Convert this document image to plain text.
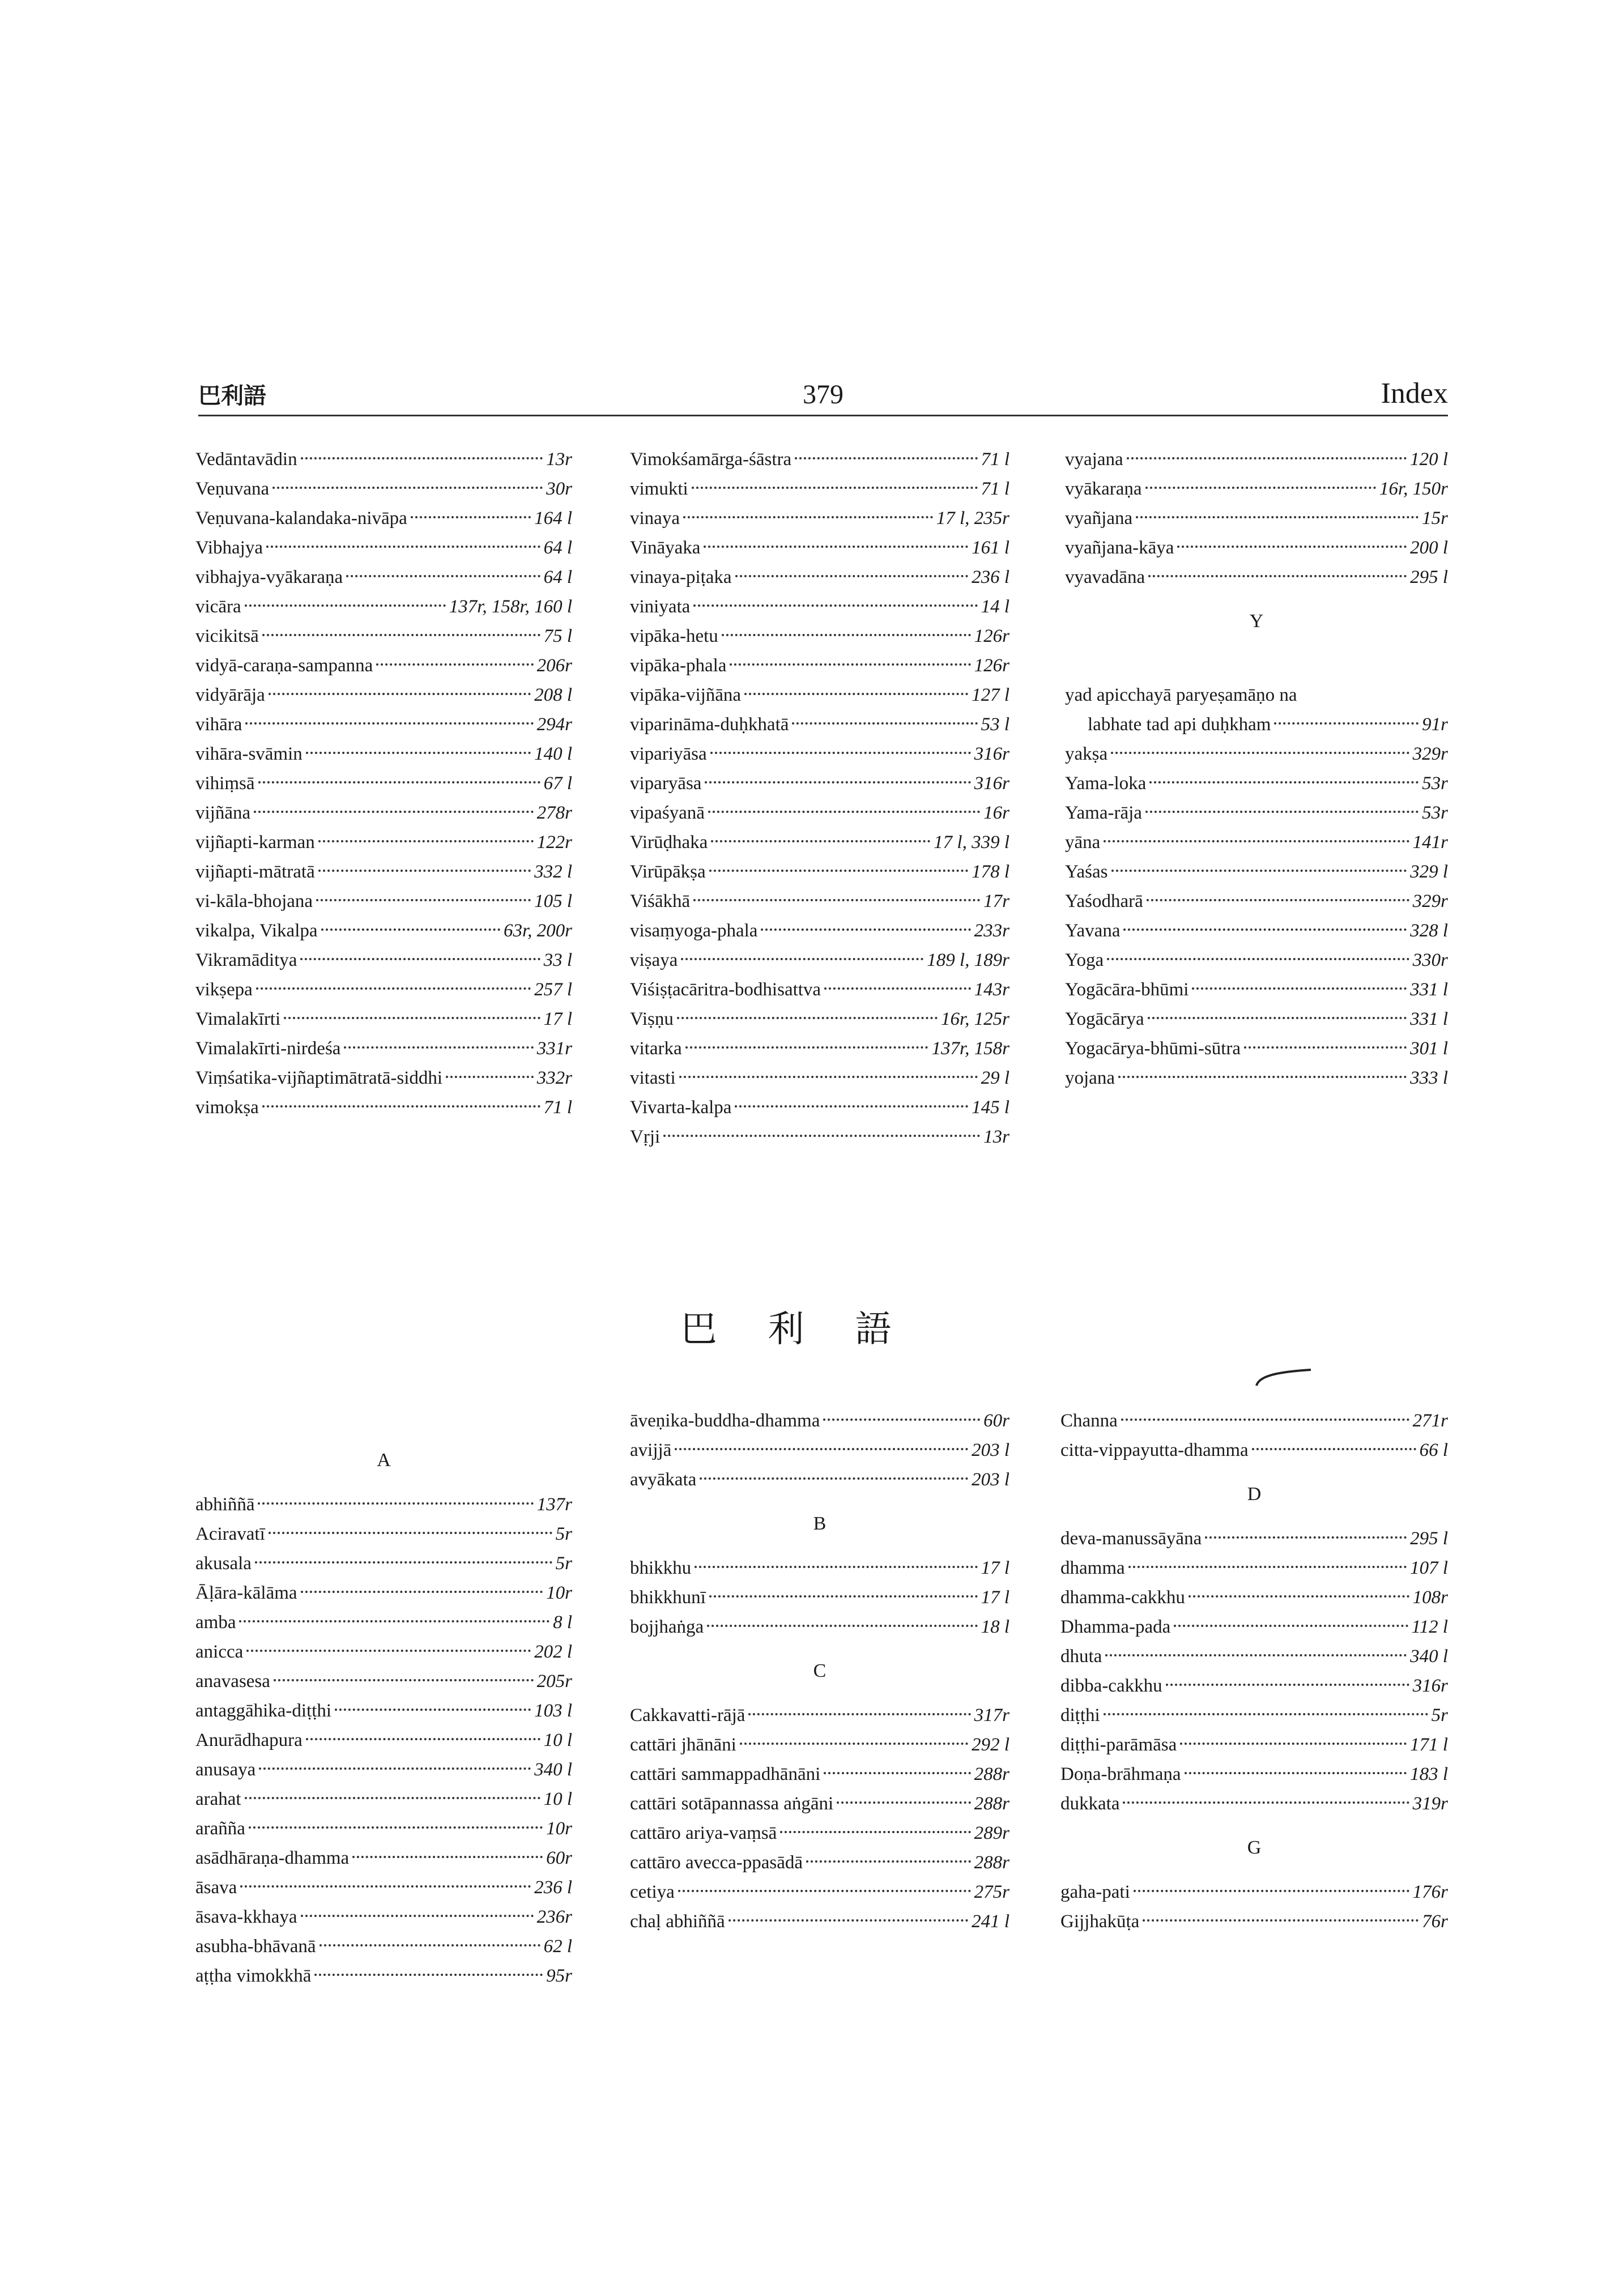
巴利語	379	Index
Vedāntavādin	13r
Veṇuvana	30r
Veṇuvana-kalandaka-nivāpa	164 l
Vibhajya	64 l
vibhajya-vyākaraṇa	64 l
vicāra	137r, 158r, 160 l
vicikitsā	75 l
vidyā-caraṇa-sampanna	206r
vidyārāja	208 l
vihāra	294r
vihāra-svāmin	140 l
vihiṃsā	67 l
vijñāna	278r
vijñapti-karman	122r
vijñapti-mātratā	332 l
vi-kāla-bhojana	105 l
vikalpa, Vikalpa	63r, 200r
Vikramāditya	33 l
vikṣepa	257 l
Vimalakīrti	17 l
Vimalakīrti-nirdeśa	331r
Viṃśatika-vijñaptimātratā-siddhi	332r
vimokṣa	71 l
Vimokśamārga-śāstra	71 l
vimukti	71 l
vinaya	17 l, 235r
Vināyaka	161 l
vinaya-piṭaka	236 l
viniyata	14 l
vipāka-hetu	126r
vipāka-phala	126r
vipāka-vijñāna	127 l
viparināma-duḥkhatā	53 l
vipariyāsa	316r
viparyāsa	316r
vipaśyanā	16r
Virūḍhaka	17 l, 339 l
Virūpākṣa	178 l
Viśākhā	17r
visaṃyoga-phala	233r
viṣaya	189 l, 189r
Viśiṣṭacāritra-bodhisattva	143r
Viṣṇu	16r, 125r
vitarka	137r, 158r
vitasti	29 l
Vivarta-kalpa	145 l
Vṛji	13r
vyajana	120 l
vyākaraṇa	16r, 150r
vyañjana	15r
vyañjana-kāya	200 l
vyavadāna	295 l
Y
yad apicchayā paryeṣamāṇo na
labhate tad api duḥkham	91r
yakṣa	329r
Yama-loka	53r
Yama-rāja	53r
yāna	141r
Yaśas	329 l
Yaśodharā	329r
Yavana	328 l
Yoga	330r
Yogācāra-bhūmi	331 l
Yogācārya	331 l
Yogacārya-bhūmi-sūtra	301 l
yojana	333 l
巴利語
A
abhiññā	137r
Aciravatī	5r
akusala	5r
Āḷāra-kālāma	10r
amba	8 l
anicca	202 l
anavasesa	205r
antaggāhika-diṭṭhi	103 l
Anurādhapura	10 l
anusaya	340 l
arahat	10 l
arañña	10r
asādhāraṇa-dhamma	60r
āsava	236 l
āsava-kkhaya	236r
asubha-bhāvanā	62 l
aṭṭha vimokkhā	95r
āveṇika-buddha-dhamma	60r
avijjā	203 l
avyākata	203 l
B
bhikkhu	17 l
bhikkhunī	17 l
bojjhaṅga	18 l
C
Cakkavatti-rājā	317r
cattāri jhānāni	292 l
cattāri sammappadhānāni	288r
cattāri sotāpannassa aṅgāni	288r
cattāro ariya-vaṃsā	289r
cattāro avecca-ppasādā	288r
cetiya	275r
chaḷ abhiññā	241 l
Channa	271r
citta-vippayutta-dhamma	66 l
D
deva-manussāyāna	295 l
dhamma	107 l
dhamma-cakkhu	108r
Dhamma-pada	112 l
dhuta	340 l
dibba-cakkhu	316r
diṭṭhi	5r
diṭṭhi-parāmāsa	171 l
Doṇa-brāhmaṇa	183 l
dukkata	319r
G
gaha-pati	176r
Gijjhakūṭa	76r
